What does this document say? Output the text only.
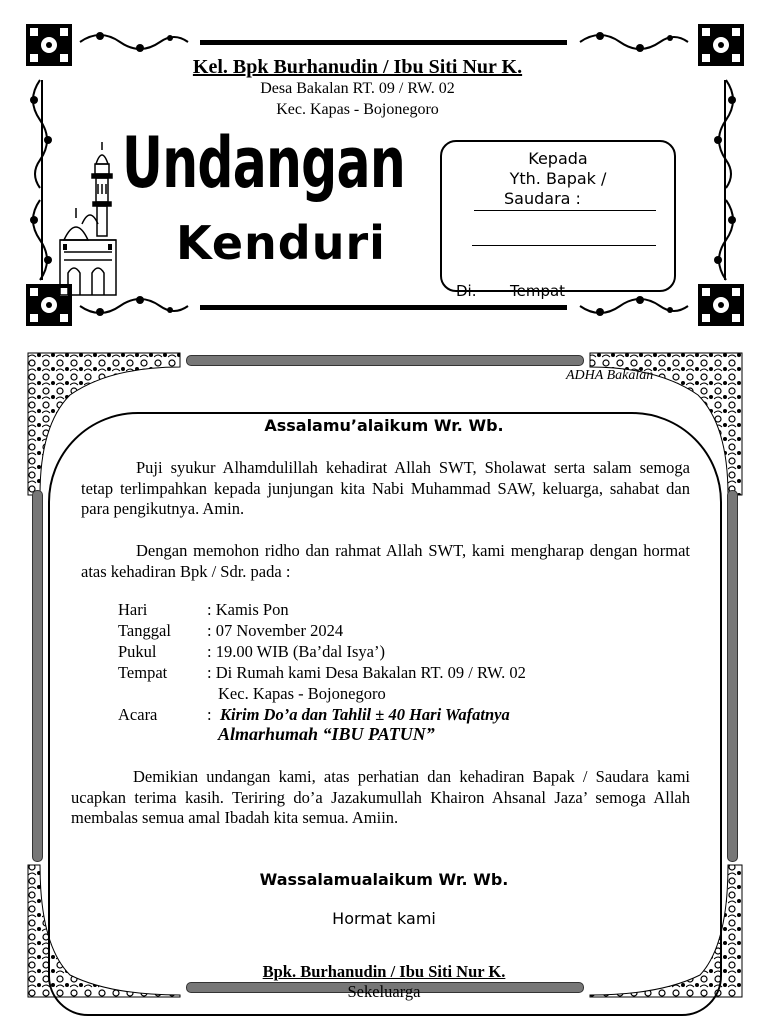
Kel. Bpk Burhanudin / Ibu Siti Nur K.
Desa Bakalan RT. 09 / RW. 02
Kec. Kapas - Bojonegoro
Undangan
Kenduri
Kepada
Yth. Bapak /
Saudara :
Di. Tempat
ADHA Bakalan
Assalamu’alaikum Wr. Wb.
Puji syukur Alhamdulillah kehadirat Allah SWT, Sholawat serta salam semoga tetap terlimpahkan kepada junjungan kita Nabi Muhammad SAW, keluarga, sahabat dan para pengikutnya. Amin.
Dengan memohon ridho dan rahmat Allah SWT, kami mengharap dengan hormat atas kehadiran Bpk / Sdr. pada :
Hari	: Kamis Pon
Tanggal : 07 November 2024
Pukul	: 19.00 WIB (Ba’dal Isya’)
Tempat : Di Rumah kami Desa Bakalan RT. 09 / RW. 02
Kec. Kapas - Bojonegoro
Acara	: Kirim Do’a dan Tahlil ± 40 Hari Wafatnya
Almarhumah “IBU PATUN”
Demikian undangan kami, atas perhatian dan kehadiran Bapak / Saudara kami ucapkan terima kasih. Teriring do’a Jazakumullah Khairon Ahsanal Jaza’ semoga Allah membalas semua amal Ibadah kita semua. Amiin.
Wassalamualaikum Wr. Wb.
Hormat kami
Bpk. Burhanudin / Ibu Siti Nur K.
Sekeluarga
